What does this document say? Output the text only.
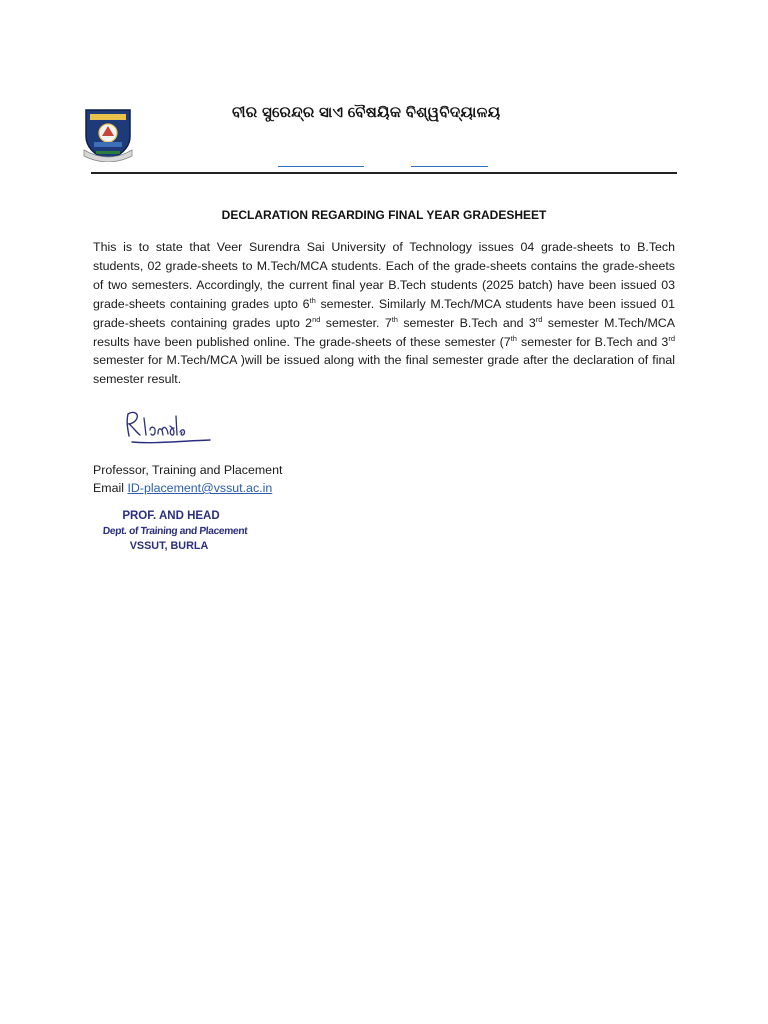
ବୀର ସୁରେନ୍ଦ୍ର ସାଏ ବୈଷୟିକ ବିଶ୍ୱବିଦ୍ୟାଳୟ
DECLARATION REGARDING FINAL YEAR GRADESHEET
This is to state that Veer Surendra Sai University of Technology issues 04 grade-sheets to B.Tech students, 02 grade-sheets to M.Tech/MCA students. Each of the grade-sheets contains the grade-sheets of two semesters. Accordingly, the current final year B.Tech students (2025 batch) have been issued 03 grade-sheets containing grades upto 6th semester. Similarly M.Tech/MCA students have been issued 01 grade-sheets containing grades upto 2nd semester. 7th semester B.Tech and 3rd semester M.Tech/MCA results have been published online. The grade-sheets of these semester (7th semester for B.Tech and 3rd semester for M.Tech/MCA )will be issued along with the final semester grade after the declaration of final semester result.
Professor, Training and Placement
Email ID-placement@vssut.ac.in
PROF. AND HEAD
Dept. of Training and Placement
VSSUT, BURLA
